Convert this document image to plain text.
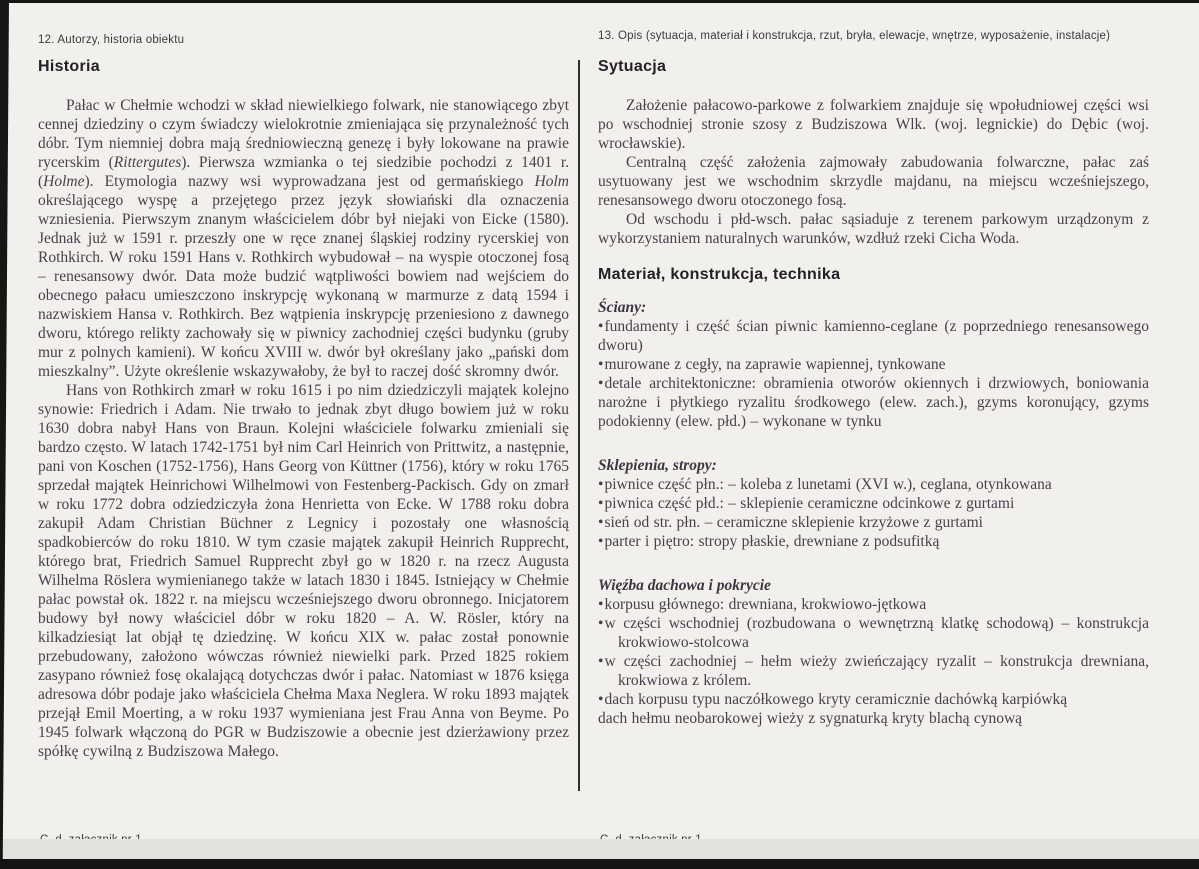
12. Autorzy, historia obiektu

Historia

Pałac w Chełmie wchodzi w skład niewielkiego folwark, nie stanowiącego zbyt cennej dziedziny o czym świadczy wielokrotnie zmieniająca się przynależność tych dóbr. Tym niemniej dobra mają średniowieczną genezę i były lokowane na prawie rycerskim (Rittergutes). Pierwsza wzmianka o tej siedzibie pochodzi z 1401 r. (Holme). Etymologia nazwy wsi wyprowadzana jest od germańskiego Holm określającego wyspę a przejętego przez język słowiański dla oznaczenia wzniesienia. Pierwszym znanym właścicielem dóbr był niejaki von Eicke (1580). Jednak już w 1591 r. przeszły one w ręce znanej śląskiej rodziny rycerskiej von Rothkirch. W roku 1591 Hans v. Rothkirch wybudował – na wyspie otoczonej fosą – renesansowy dwór. Data może budzić wątpliwości bowiem nad wejściem do obecnego pałacu umieszczono inskrypcję wykonaną w marmurze z datą 1594 i nazwiskiem Hansa v. Rothkirch. Bez wątpienia inskrypcję przeniesiono z dawnego dworu, którego relikty zachowały się w piwnicy zachodniej części budynku (gruby mur z polnych kamieni). W końcu XVIII w. dwór był określany jako „pański dom mieszkalny”. Użyte określenie wskazywałoby, że był to raczej dość skromny dwór.

Hans von Rothkirch zmarł w roku 1615 i po nim dziedziczyli majątek kolejno synowie: Friedrich i Adam. Nie trwało to jednak zbyt długo bowiem już w roku 1630 dobra nabył Hans von Braun. Kolejni właściciele folwarku zmieniali się bardzo często. W latach 1742-1751 był nim Carl Heinrich von Prittwitz, a następnie, pani von Koschen (1752-1756), Hans Georg von Küttner (1756), który w roku 1765 sprzedał majątek Heinrichowi Wilhelmowi von Festenberg-Packisch. Gdy on zmarł w roku 1772 dobra odziedziczyła żona Henrietta von Ecke. W 1788 roku dobra zakupił Adam Christian Büchner z Legnicy i pozostały one własnością spadkobierców do roku 1810. W tym czasie majątek zakupił Heinrich Rupprecht, którego brat, Friedrich Samuel Rupprecht zbył go w 1820 r. na rzecz Augusta Wilhelma Röslera wymienianego także w latach 1830 i 1845. Istniejący w Chełmie pałac powstał ok. 1822 r. na miejscu wcześniejszego dworu obronnego. Inicjatorem budowy był nowy właściciel dóbr w roku 1820 – A. W. Rösler, który na kilkadziesiąt lat objął tę dziedzinę. W końcu XIX w. pałac został ponownie przebudowany, założono wówczas również niewielki park. Przed 1825 rokiem zasypano również fosę okalającą dotychczas dwór i pałac. Natomiast w 1876 księga adresowa dóbr podaje jako właściciela Chełma Maxa Neglera. W roku 1893 majątek przejął Emil Moerting, a w roku 1937 wymieniana jest Frau Anna von Beyme. Po 1945 folwark włączoną do PGR w Budziszowie a obecnie jest dzierżawiony przez spółkę cywilną z Budziszowa Małego.

13. Opis (sytuacja, materiał i konstrukcja, rzut, bryła, elewacje, wnętrze, wyposażenie, instalacje)

Sytuacja

Założenie pałacowo-parkowe z folwarkiem znajduje się wpołudniowej części wsi po wschodniej stronie szosy z Budziszowa Wlk. (woj. legnickie) do Dębic (woj. wrocławskie).

Centralną część założenia zajmowały zabudowania folwarczne, pałac zaś usytuowany jest we wschodnim skrzydle majdanu, na miejscu wcześniejszego, renesansowego dworu otoczonego fosą.

Od wschodu i płd-wsch. pałac sąsiaduje z terenem parkowym urządzonym z wykorzystaniem naturalnych warunków, wzdłuż rzeki Cicha Woda.

Materiał, konstrukcja, technika

Ściany:

•fundamenty i część ścian piwnic kamienno-ceglane (z poprzedniego renesansowego dworu)

•murowane z cegły, na zaprawie wapiennej, tynkowane

•detale architektoniczne: obramienia otworów okiennych i drzwiowych, boniowania narożne i płytkiego ryzalitu środkowego (elew. zach.), gzyms koronujący, gzyms podokienny (elew. płd.) – wykonane w tynku

Sklepienia, stropy:

•piwnice część płn.: – koleba z lunetami (XVI w.), ceglana, otynkowana

•piwnica część płd.: – sklepienie ceramiczne odcinkowe z gurtami

•sień od str. płn. – ceramiczne sklepienie krzyżowe z gurtami

•parter i piętro: stropy płaskie, drewniane z podsufitką

Więźba dachowa i pokrycie

•korpusu głównego: drewniana, krokwiowo-jętkowa

•w części wschodniej (rozbudowana o wewnętrzną klatkę schodową) – konstrukcja krokwiowo-stolcowa

•w części zachodniej – hełm wieży zwieńczający ryzalit – konstrukcja drewniana, krokwiowa z królem.

•dach korpusu typu naczółkowego kryty ceramicznie dachówką karpiówką

dach hełmu neobarokowej wieży z sygnaturką kryty blachą cynową
